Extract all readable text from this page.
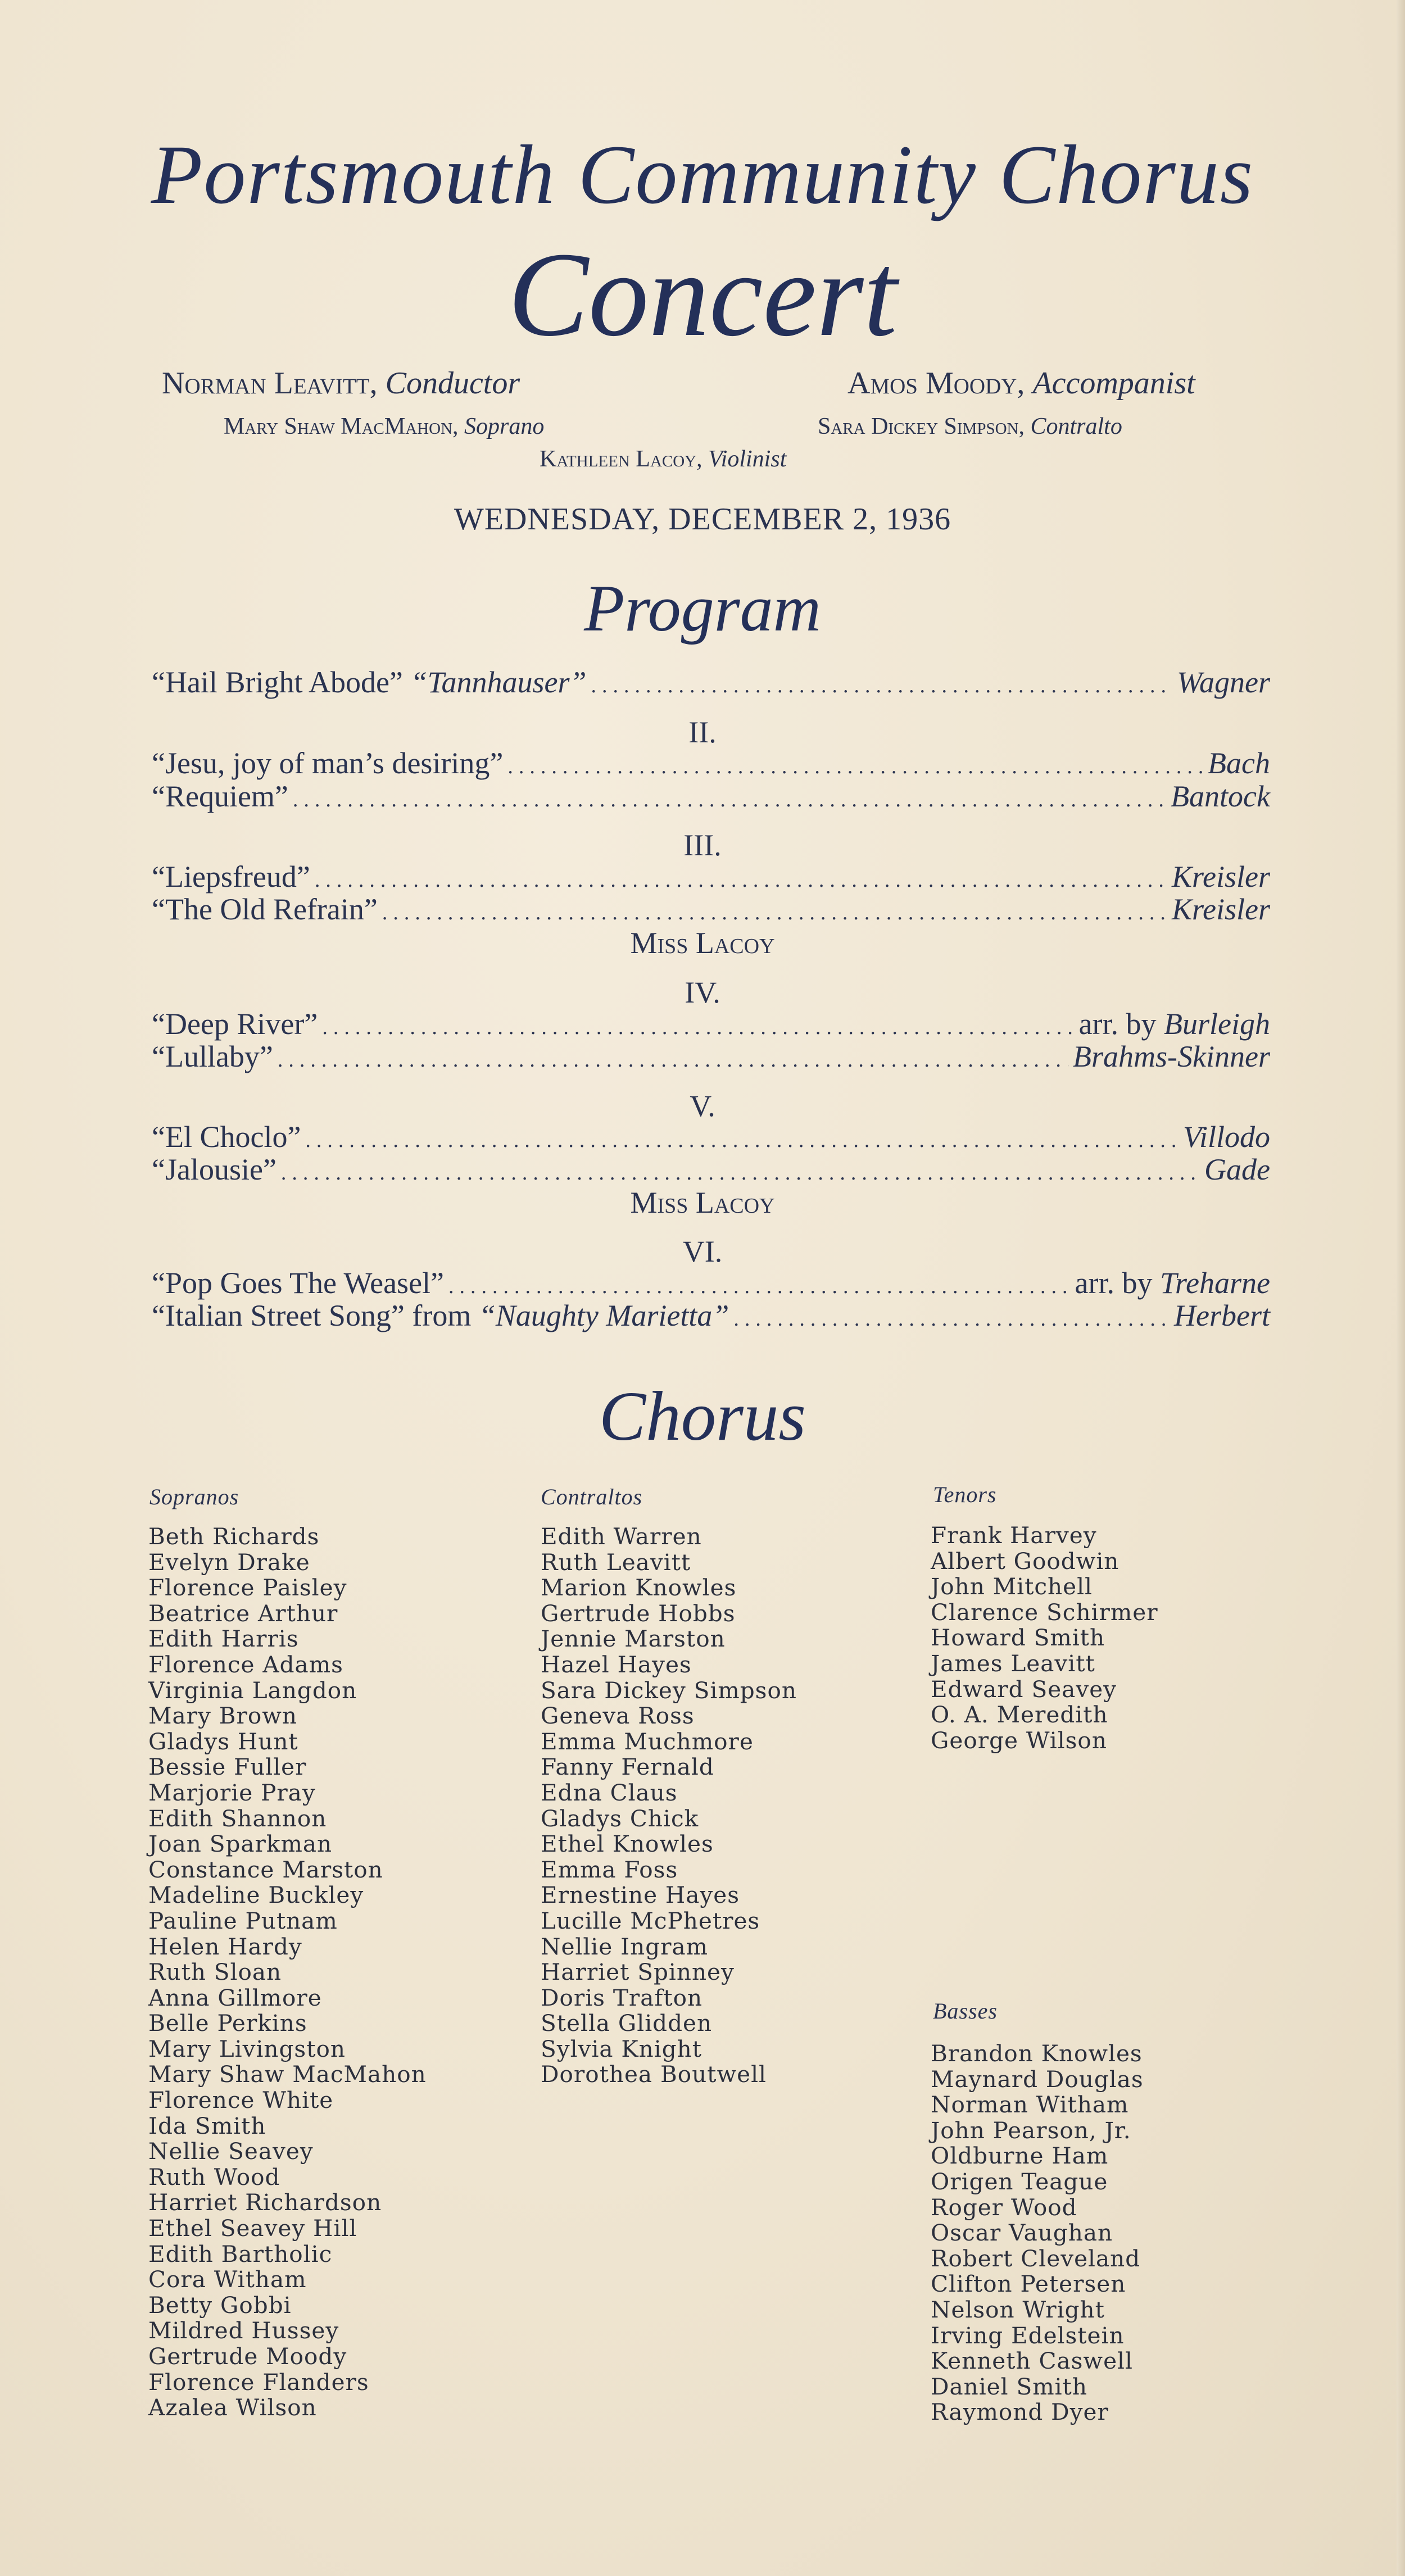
Portsmouth Community Chorus
Concert
Norman Leavitt, Conductor	Amos Moody, Accompanist
Mary Shaw MacMahon, Soprano	Sara Dickey Simpson, Contralto
Kathleen Lacoy, Violinist
WEDNESDAY, DECEMBER 2, 1936
Program
“Hail Bright Abode” “Tannhauser” .....	Wagner
II.
“Jesu, joy of man’s desiring” .....	Bach
“Requiem” .....	Bantock
III.
“Liepsfreud” .....	Kreisler
“The Old Refrain” .....	Kreisler
Miss Lacoy
IV.
“Deep River” .....	arr. by Burleigh
“Lullaby” .....	Brahms-Skinner
V.
“El Choclo” .....	Villodo
“Jalousie” .....	Gade
Miss Lacoy
VI.
“Pop Goes The Weasel” .....	arr. by Treharne
“Italian Street Song” from “Naughty Marietta” .....	Herbert
Chorus
Sopranos
Beth Richards
Evelyn Drake
Florence Paisley
Beatrice Arthur
Edith Harris
Florence Adams
Virginia Langdon
Mary Brown
Gladys Hunt
Bessie Fuller
Marjorie Pray
Edith Shannon
Joan Sparkman
Constance Marston
Madeline Buckley
Pauline Putnam
Helen Hardy
Ruth Sloan
Anna Gillmore
Belle Perkins
Mary Livingston
Mary Shaw MacMahon
Florence White
Ida Smith
Nellie Seavey
Ruth Wood
Harriet Richardson
Ethel Seavey Hill
Edith Bartholic
Cora Witham
Betty Gobbi
Mildred Hussey
Gertrude Moody
Florence Flanders
Azalea Wilson
Contraltos
Edith Warren
Ruth Leavitt
Marion Knowles
Gertrude Hobbs
Jennie Marston
Hazel Hayes
Sara Dickey Simpson
Geneva Ross
Emma Muchmore
Fanny Fernald
Edna Claus
Gladys Chick
Ethel Knowles
Emma Foss
Ernestine Hayes
Lucille McPhetres
Nellie Ingram
Harriet Spinney
Doris Trafton
Stella Glidden
Sylvia Knight
Dorothea Boutwell
Tenors
Frank Harvey
Albert Goodwin
John Mitchell
Clarence Schirmer
Howard Smith
James Leavitt
Edward Seavey
O. A. Meredith
George Wilson
Basses
Brandon Knowles
Maynard Douglas
Norman Witham
John Pearson, Jr.
Oldburne Ham
Origen Teague
Roger Wood
Oscar Vaughan
Robert Cleveland
Clifton Petersen
Nelson Wright
Irving Edelstein
Kenneth Caswell
Daniel Smith
Raymond Dyer
